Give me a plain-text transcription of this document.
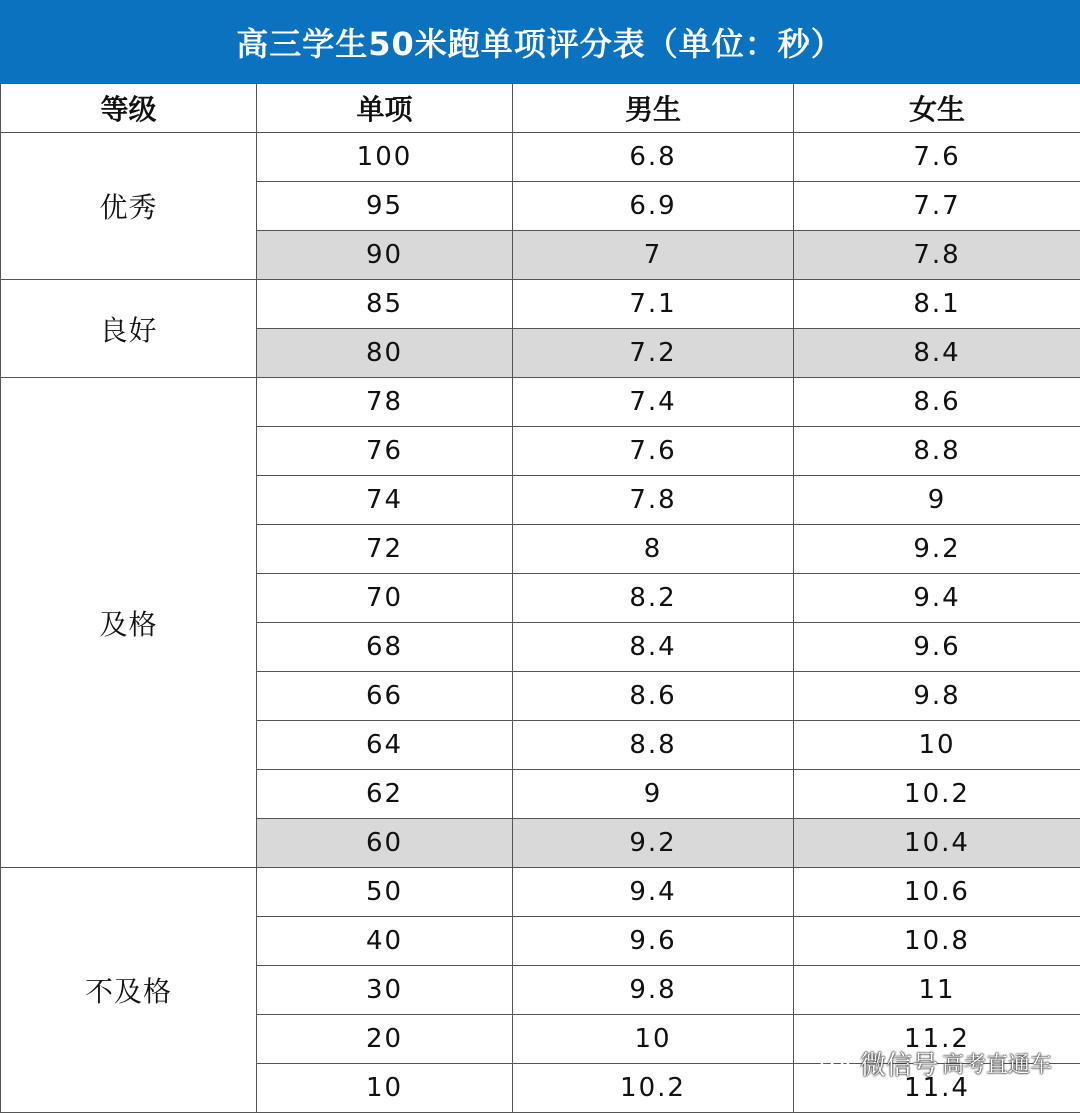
高三学生50米跑单项评分表（单位：秒）
等级	单项	男生	女生
优秀	100	6.8	7.6
	95	6.9	7.7
	90	7	7.8
良好	85	7.1	8.1
	80	7.2	8.4
及格	78	7.4	8.6
	76	7.6	8.8
	74	7.8	9
	72	8	9.2
	70	8.2	9.4
	68	8.4	9.6
	66	8.6	9.8
	64	8.8	10
	62	9	10.2
	60	9.2	10.4
不及格	50	9.4	10.6
	40	9.6	10.8
	30	9.8	11
	20	10	11.2
	10	10.2	11.4
微信号 高考直通车
